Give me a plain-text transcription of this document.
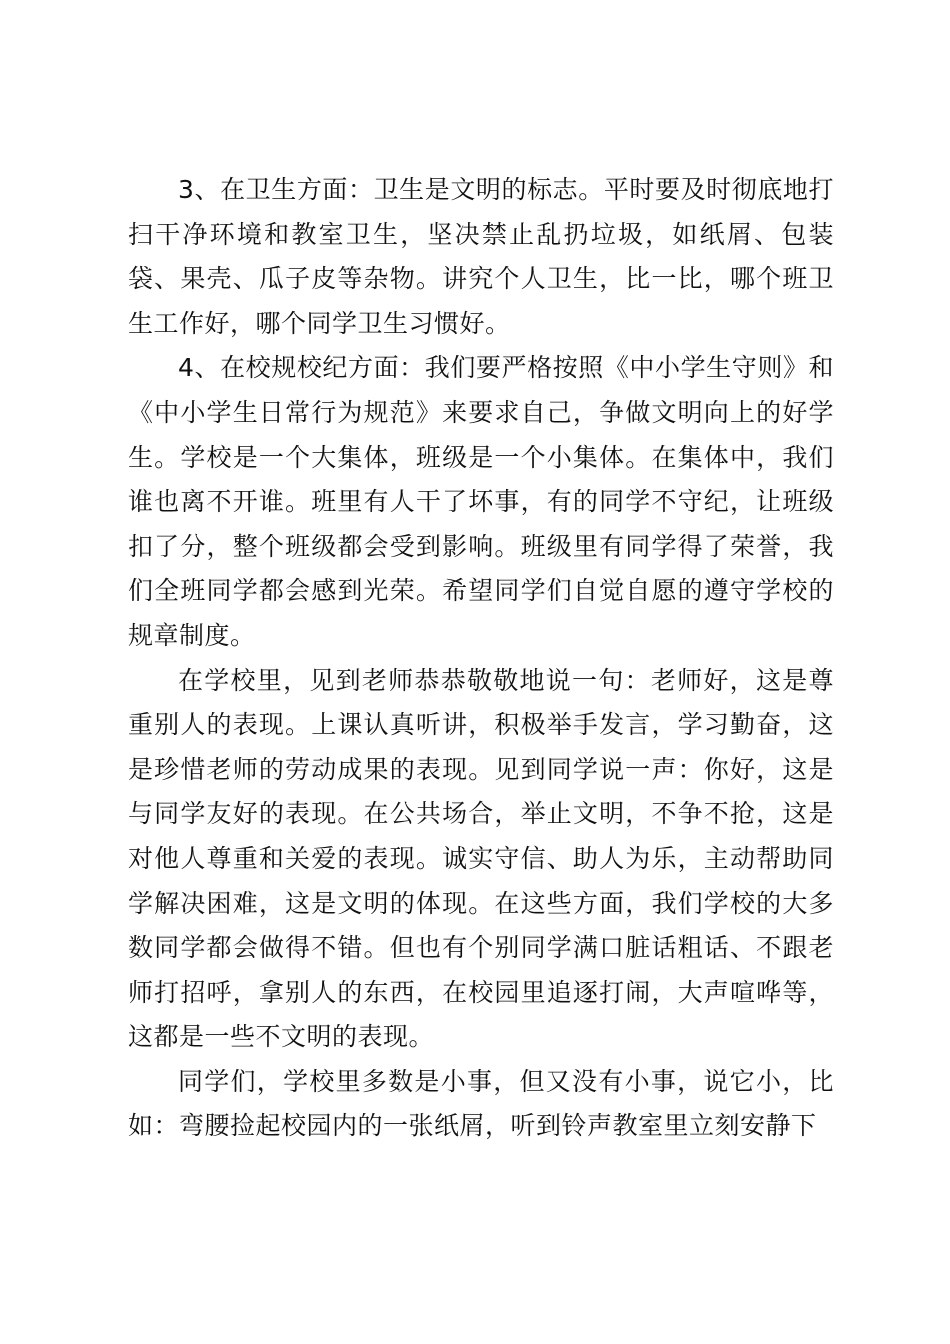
3、在卫生方面：卫生是文明的标志。平时要及时彻底地打扫干净环境和教室卫生，坚决禁止乱扔垃圾，如纸屑、包装袋、果壳、瓜子皮等杂物。讲究个人卫生，比一比，哪个班卫生工作好，哪个同学卫生习惯好。

4、在校规校纪方面：我们要严格按照《中小学生守则》和《中小学生日常行为规范》来要求自己，争做文明向上的好学生。学校是一个大集体，班级是一个小集体。在集体中，我们谁也离不开谁。班里有人干了坏事，有的同学不守纪，让班级扣了分，整个班级都会受到影响。班级里有同学得了荣誉，我们全班同学都会感到光荣。希望同学们自觉自愿的遵守学校的规章制度。

在学校里，见到老师恭恭敬敬地说一句：老师好，这是尊重别人的表现。上课认真听讲，积极举手发言，学习勤奋，这是珍惜老师的劳动成果的表现。见到同学说一声：你好，这是与同学友好的表现。在公共场合，举止文明，不争不抢，这是对他人尊重和关爱的表现。诚实守信、助人为乐，主动帮助同学解决困难，这是文明的体现。在这些方面，我们学校的大多数同学都会做得不错。但也有个别同学满口脏话粗话、不跟老师打招呼，拿别人的东西，在校园里追逐打闹，大声喧哗等，这都是一些不文明的表现。

同学们，学校里多数是小事，但又没有小事，说它小，比如：弯腰捡起校园内的一张纸屑，听到铃声教室里立刻安静下
